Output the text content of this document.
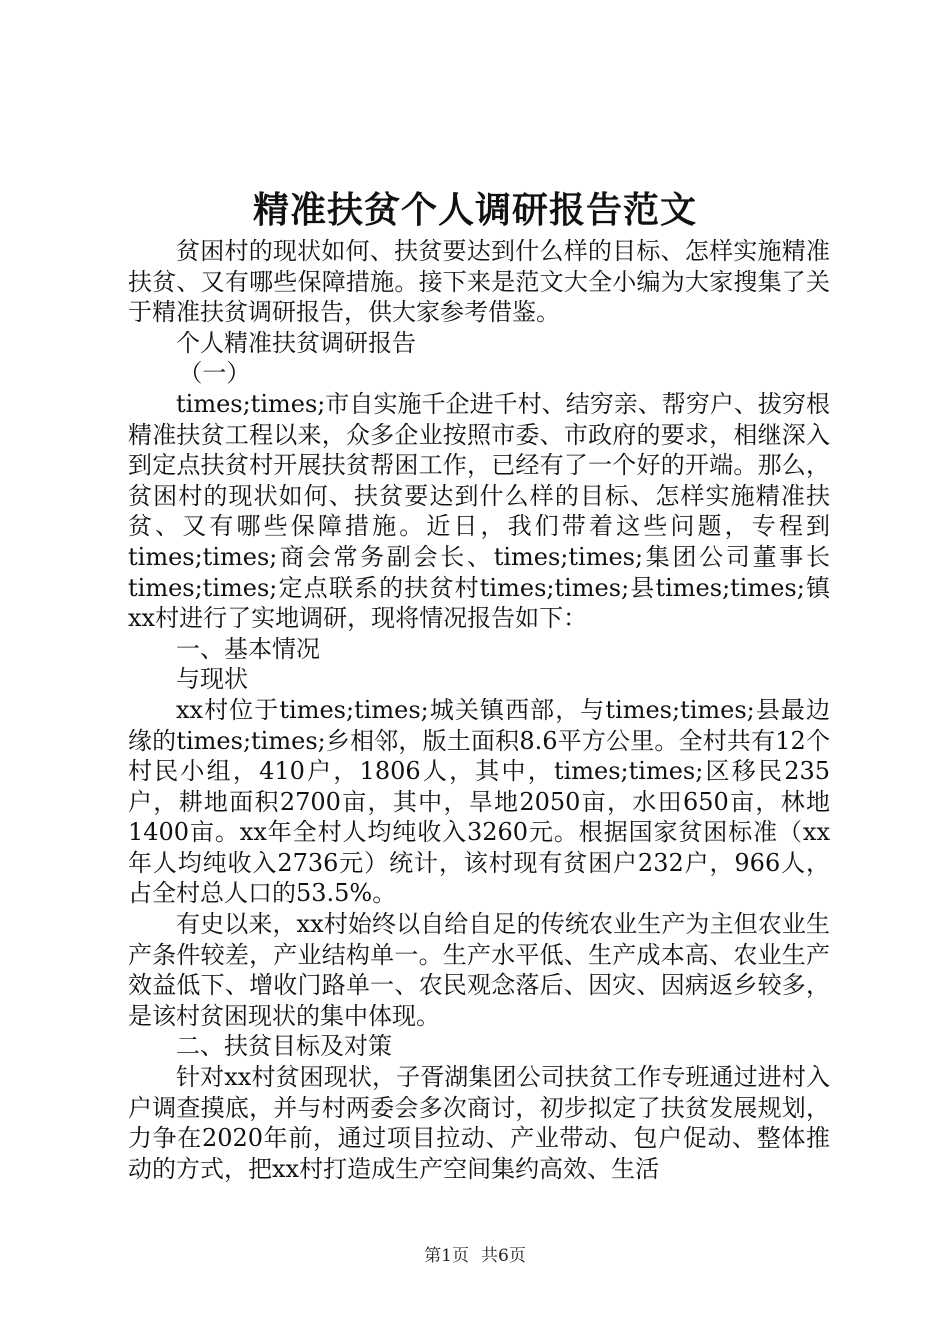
精准扶贫个人调研报告范文

贫困村的现状如何、扶贫要达到什么样的目标、怎样实施精准扶贫、又有哪些保障措施。接下来是范文大全小编为大家搜集了关于精准扶贫调研报告，供大家参考借鉴。

个人精准扶贫调研报告

（一）

times;times;市自实施千企进千村、结穷亲、帮穷户、拔穷根精准扶贫工程以来，众多企业按照市委、市政府的要求，相继深入到定点扶贫村开展扶贫帮困工作，已经有了一个好的开端。那么，贫困村的现状如何、扶贫要达到什么样的目标、怎样实施精准扶贫、又有哪些保障措施。近日，我们带着这些问题，专程到times;times;商会常务副会长、times;times;集团公司董事长times;times;定点联系的扶贫村times;times;县times;times;镇xx村进行了实地调研，现将情况报告如下：

一、基本情况

与现状

xx村位于times;times;城关镇西部，与times;times;县最边缘的times;times;乡相邻，版土面积8.6平方公里。全村共有12个村民小组，410户，1806人，其中，times;times;区移民235户，耕地面积2700亩，其中，旱地2050亩，水田650亩，林地1400亩。xx年全村人均纯收入3260元。根据国家贫困标准（xx年人均纯收入2736元）统计，该村现有贫困户232户，966人，占全村总人口的53.5%。

有史以来，xx村始终以自给自足的传统农业生产为主但农业生产条件较差，产业结构单一。生产水平低、生产成本高、农业生产效益低下、增收门路单一、农民观念落后、因灾、因病返乡较多，是该村贫困现状的集中体现。

二、扶贫目标及对策

针对xx村贫困现状，子胥湖集团公司扶贫工作专班通过进村入户调查摸底，并与村两委会多次商讨，初步拟定了扶贫发展规划，力争在2020年前，通过项目拉动、产业带动、包户促动、整体推动的方式，把xx村打造成生产空间集约高效、生活

第1页 共6页
